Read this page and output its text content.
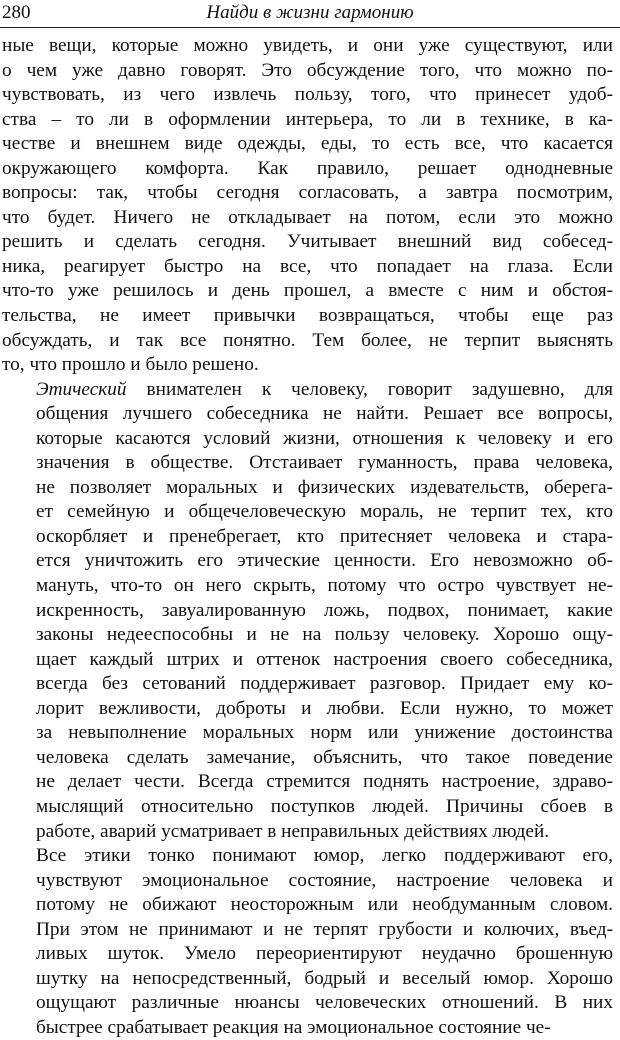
280	Найди в жизни гармонию
ные вещи, которые можно увидеть, и они уже существуют, или
о чем уже давно говорят. Это обсуждение того, что можно по-
чувствовать, из чего извлечь пользу, того, что принесет удоб-
ства – то ли в оформлении интерьера, то ли в технике, в ка-
честве и внешнем виде одежды, еды, то есть все, что касается
окружающего комфорта. Как правило, решает однодневные
вопросы: так, чтобы сегодня согласовать, а завтра посмотрим,
что будет. Ничего не откладывает на потом, если это можно
решить и сделать сегодня. Учитывает внешний вид собесед-
ника, реагирует быстро на все, что попадает на глаза. Если
что-то уже решилось и день прошел, а вместе с ним и обстоя-
тельства, не имеет привычки возвращаться, чтобы еще раз
обсуждать, и так все понятно. Тем более, не терпит выяснять
то, что прошло и было решено.
Этический внимателен к человеку, говорит задушевно, для
общения лучшего собеседника не найти. Решает все вопросы,
которые касаются условий жизни, отношения к человеку и его
значения в обществе. Отстаивает гуманность, права человека,
не позволяет моральных и физических издевательств, оберега-
ет семейную и общечеловеческую мораль, не терпит тех, кто
оскорбляет и пренебрегает, кто притесняет человека и стара-
ется уничтожить его этические ценности. Его невозможно об-
мануть, что-то он него скрыть, потому что остро чувствует не-
искренность, завуалированную ложь, подвох, понимает, какие
законы недееспособны и не на пользу человеку. Хорошо ощу-
щает каждый штрих и оттенок настроения своего собеседника,
всегда без сетований поддерживает разговор. Придает ему ко-
лорит вежливости, доброты и любви. Если нужно, то может
за невыполнение моральных норм или унижение достоинства
человека сделать замечание, объяснить, что такое поведение
не делает чести. Всегда стремится поднять настроение, здраво-
мыслящий относительно поступков людей. Причины сбоев в
работе, аварий усматривает в неправильных действиях людей.
Все этики тонко понимают юмор, легко поддерживают его,
чувствуют эмоциональное состояние, настроение человека и
потому не обижают неосторожным или необдуманным словом.
При этом не принимают и не терпят грубости и колючих, въед-
ливых шуток. Умело переориентируют неудачно брошенную
шутку на непосредственный, бодрый и веселый юмор. Хорошо
ощущают различные нюансы человеческих отношений. В них
быстрее срабатывает реакция на эмоциональное состояние че-
